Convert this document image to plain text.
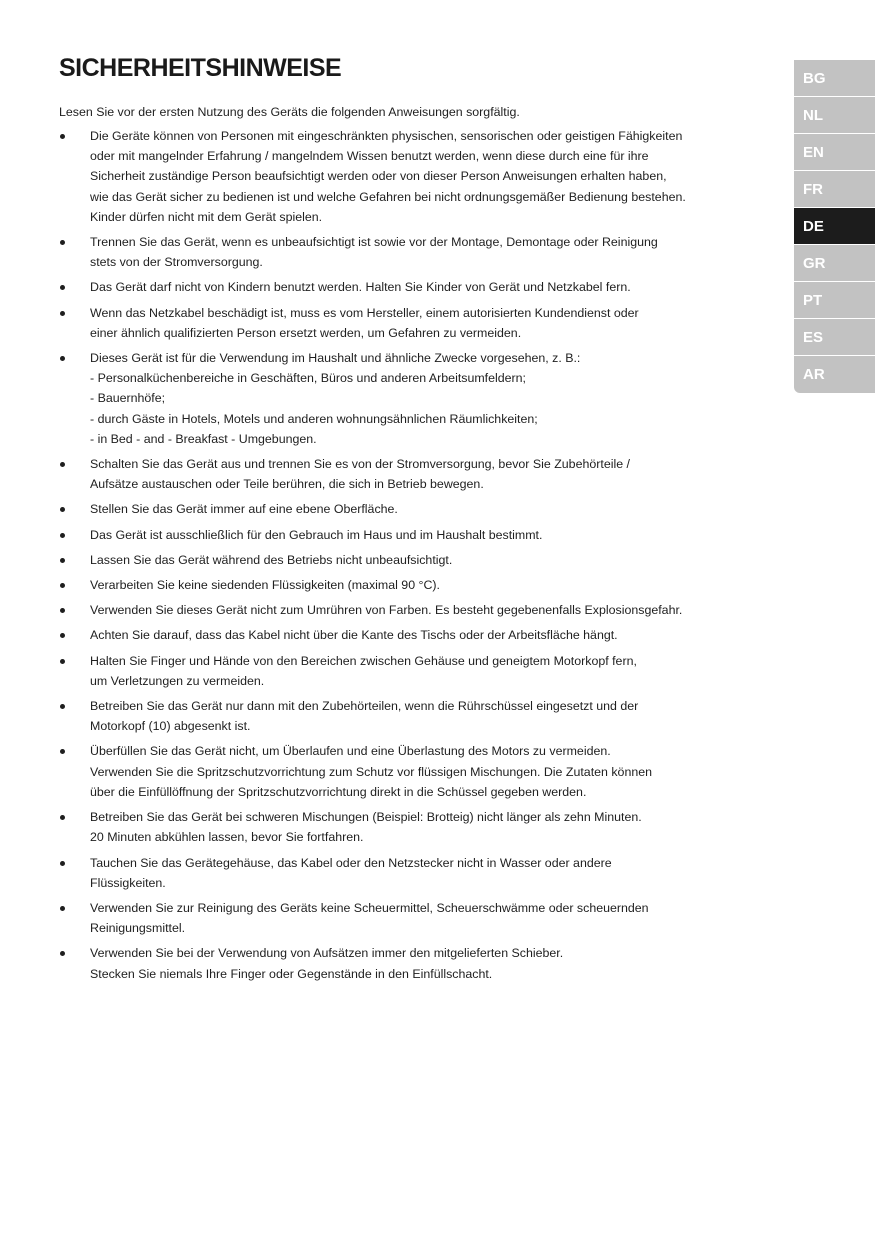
SICHERHEITSHINWEISE

Lesen Sie vor der ersten Nutzung des Geräts die folgenden Anweisungen sorgfältig.

Die Geräte können von Personen mit eingeschränkten physischen, sensorischen oder geistigen Fähigkeiten
oder mit mangelnder Erfahrung / mangelndem Wissen benutzt werden, wenn diese durch eine für ihre
Sicherheit zuständige Person beaufsichtigt werden oder von dieser Person Anweisungen erhalten haben,
wie das Gerät sicher zu bedienen ist und welche Gefahren bei nicht ordnungsgemäßer Bedienung bestehen.
Kinder dürfen nicht mit dem Gerät spielen.
Trennen Sie das Gerät, wenn es unbeaufsichtigt ist sowie vor der Montage, Demontage oder Reinigung
stets von der Stromversorgung.
Das Gerät darf nicht von Kindern benutzt werden. Halten Sie Kinder von Gerät und Netzkabel fern.
Wenn das Netzkabel beschädigt ist, muss es vom Hersteller, einem autorisierten Kundendienst oder
einer ähnlich qualifizierten Person ersetzt werden, um Gefahren zu vermeiden.
Dieses Gerät ist für die Verwendung im Haushalt und ähnliche Zwecke vorgesehen, z. B.:
- Personalküchenbereiche in Geschäften, Büros und anderen Arbeitsumfeldern;
- Bauernhöfe;
- durch Gäste in Hotels, Motels und anderen wohnungsähnlichen Räumlichkeiten;
- in Bed - and - Breakfast - Umgebungen.
Schalten Sie das Gerät aus und trennen Sie es von der Stromversorgung, bevor Sie Zubehörteile /
Aufsätze austauschen oder Teile berühren, die sich in Betrieb bewegen.
Stellen Sie das Gerät immer auf eine ebene Oberfläche.
Das Gerät ist ausschließlich für den Gebrauch im Haus und im Haushalt bestimmt.
Lassen Sie das Gerät während des Betriebs nicht unbeaufsichtigt.
Verarbeiten Sie keine siedenden Flüssigkeiten (maximal 90 °C).
Verwenden Sie dieses Gerät nicht zum Umrühren von Farben. Es besteht gegebenenfalls Explosionsgefahr.
Achten Sie darauf, dass das Kabel nicht über die Kante des Tischs oder der Arbeitsfläche hängt.
Halten Sie Finger und Hände von den Bereichen zwischen Gehäuse und geneigtem Motorkopf fern,
um Verletzungen zu vermeiden.
Betreiben Sie das Gerät nur dann mit den Zubehörteilen, wenn die Rührschüssel eingesetzt und der
Motorkopf (10) abgesenkt ist.
Überfüllen Sie das Gerät nicht, um Überlaufen und eine Überlastung des Motors zu vermeiden.
Verwenden Sie die Spritzschutzvorrichtung zum Schutz vor flüssigen Mischungen. Die Zutaten können
über die Einfüllöffnung der Spritzschutzvorrichtung direkt in die Schüssel gegeben werden.
Betreiben Sie das Gerät bei schweren Mischungen (Beispiel: Brotteig) nicht länger als zehn Minuten.
20 Minuten abkühlen lassen, bevor Sie fortfahren.
Tauchen Sie das Gerätegehäuse, das Kabel oder den Netzstecker nicht in Wasser oder andere
Flüssigkeiten.
Verwenden Sie zur Reinigung des Geräts keine Scheuermittel, Scheuerschwämme oder scheuernden
Reinigungsmittel.
Verwenden Sie bei der Verwendung von Aufsätzen immer den mitgelieferten Schieber.
Stecken Sie niemals Ihre Finger oder Gegenstände in den Einfüllschacht.
BG
NL
EN
FR
DE
GR
PT
ES
AR
